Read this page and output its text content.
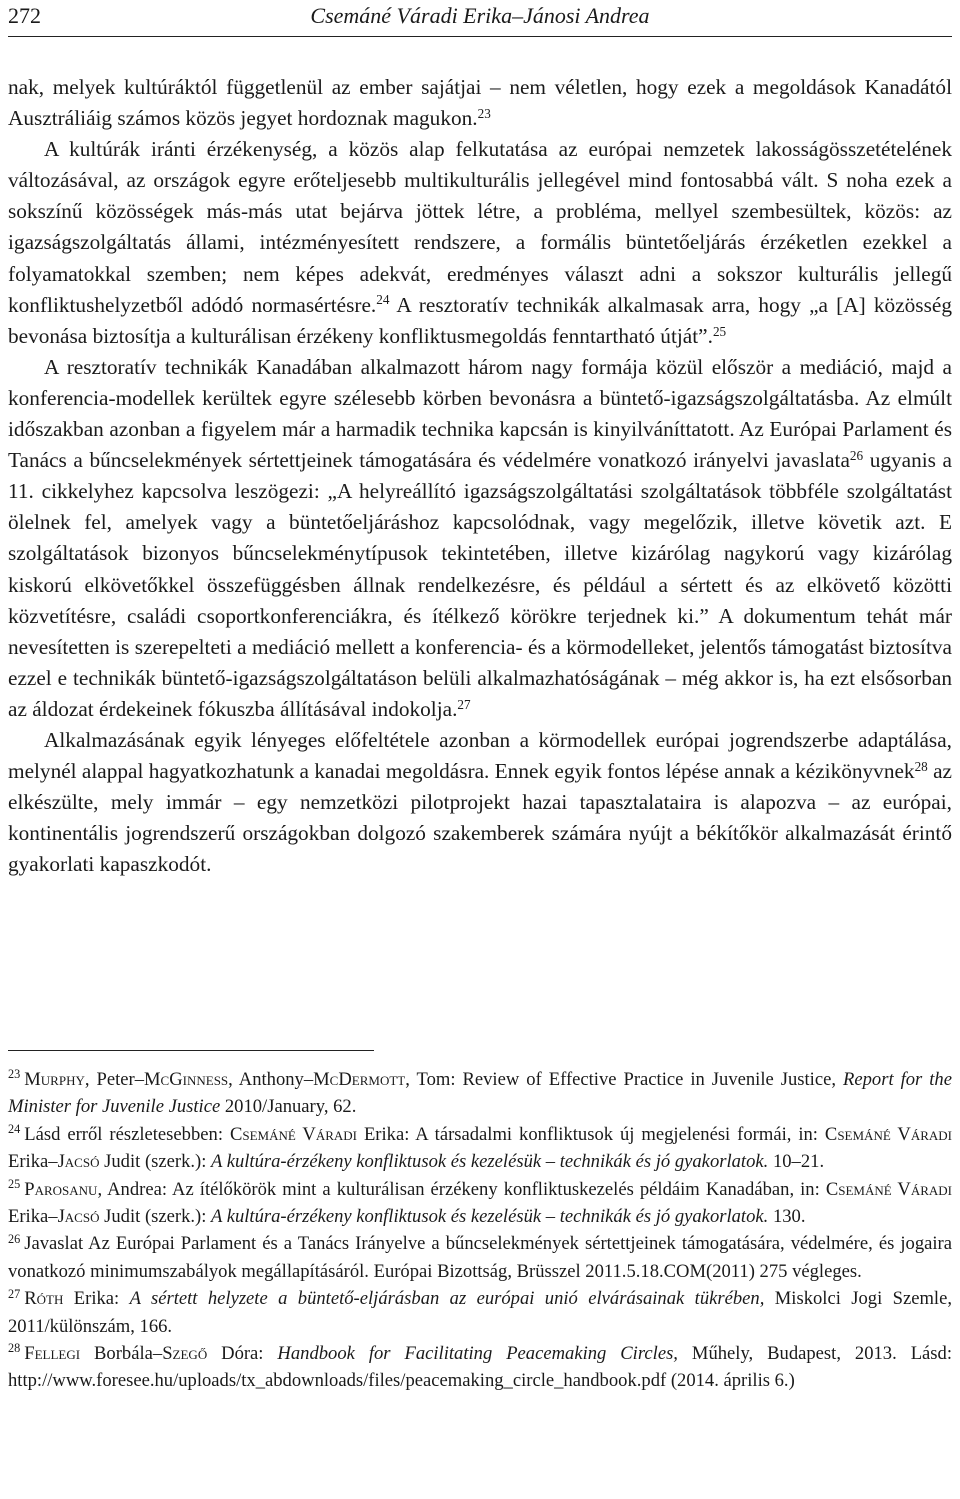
272	Csemáné Váradi Erika–Jánosi Andrea

nak, melyek kultúráktól függetlenül az ember sajátjai – nem véletlen, hogy ezek a megoldások Kanadától Ausztráliáig számos közös jegyet hordoznak magukon.$^{23}$

A kultúrák iránti érzékenység, a közös alap felkutatása az európai nemzetek lakosságösszetételének változásával, az országok egyre erőteljesebb multikulturális jellegével mind fontosabbá vált. S noha ezek a sokszínű közösségek más-más utat bejárva jöttek létre, a probléma, mellyel szembesültek, közös: az igazságszolgáltatás állami, intézményesített rendszere, a formális büntetőeljárás érzéketlen ezekkel a folyamatokkal szemben; nem képes adekvát, eredményes választ adni a sokszor kulturális jellegű konfliktushelyzetből adódó normasértésre.$^{24}$ A resztoratív technikák alkalmasak arra, hogy „a [A] közösség bevonása biztosítja a kulturálisan érzékeny konfliktusmegoldás fenntartható útját”.$^{25}$

A resztoratív technikák Kanadában alkalmazott három nagy formája közül először a mediáció, majd a konferencia-modellek kerültek egyre szélesebb körben bevonásra a büntető-igazságszolgáltatásba. Az elmúlt időszakban azonban a figyelem már a harmadik technika kapcsán is kinyilváníttatott. Az Európai Parlament és Tanács a bűncselekmények sértettjeinek támogatására és védelmére vonatkozó irányelvi javaslata$^{26}$ ugyanis a 11. cikkelyhez kapcsolva leszögezi: „A helyreállító igazságszolgáltatási szolgáltatások többféle szolgáltatást ölelnek fel, amelyek vagy a büntetőeljáráshoz kapcsolódnak, vagy megelőzik, illetve követik azt. E szolgáltatások bizonyos bűncselekménytípusok tekintetében, illetve kizárólag nagykorú vagy kizárólag kiskorú elkövetőkkel összefüggésben állnak rendelkezésre, és például a sértett és az elkövető közötti közvetítésre, családi csoportkonferenciákra, és ítélkező körökre terjednek ki.” A dokumentum tehát már nevesítetten is szerepelteti a mediáció mellett a konferencia- és a körmodelleket, jelentős támogatást biztosítva ezzel e technikák büntető-igazságszolgáltatáson belüli alkalmazhatóságának – még akkor is, ha ezt elsősorban az áldozat érdekeinek fókuszba állításával indokolja.$^{27}$

Alkalmazásának egyik lényeges előfeltétele azonban a körmodellek európai jogrendszerbe adaptálása, melynél alappal hagyatkozhatunk a kanadai megoldásra. Ennek egyik fontos lépése annak a kézikönyvnek$^{28}$ az elkészülte, mely immár – egy nemzetközi pilotprojekt hazai tapasztalataira is alapozva – az európai, kontinentális jogrendszerű országokban dolgozó szakemberek számára nyújt a békítőkör alkalmazását érintő gyakorlati kapaszkodót.

$^{23}$ Murphy, Peter–McGinness, Anthony–McDermott, Tom: Review of Effective Practice in Juvenile Justice, Report for the Minister for Juvenile Justice 2010/January, 62.

$^{24}$ Lásd erről részletesebben: Csemáné Váradi Erika: A társadalmi konfliktusok új megjelenési formái, in: Csemáné Váradi Erika–Jacsó Judit (szerk.): A kultúra-érzékeny konfliktusok és kezelésük – technikák és jó gyakorlatok. 10–21.

$^{25}$ Parosanu, Andrea: Az ítélőkörök mint a kulturálisan érzékeny konfliktuskezelés példáim Kanadában, in: Csemáné Váradi Erika–Jacsó Judit (szerk.): A kultúra-érzékeny konfliktusok és kezelésük – technikák és jó gyakorlatok. 130.

$^{26}$ Javaslat Az Európai Parlament és a Tanács Irányelve a bűncselekmények sértettjeinek támogatására, védelmére, és jogaira vonatkozó minimumszabályok megállapításáról. Európai Bizottság, Brüsszel 2011.5.18.COM(2011) 275 végleges.

$^{27}$ Róth Erika: A sértett helyzete a büntető-eljárásban az európai unió elvárásainak tükrében, Miskolci Jogi Szemle, 2011/különszám, 166.

$^{28}$ Fellegi Borbála–Szegő Dóra: Handbook for Facilitating Peacemaking Circles, Műhely, Budapest, 2013. Lásd: http://www.foresee.hu/uploads/tx_abdownloads/files/peacemaking_circle_handbook.pdf (2014. április 6.)
